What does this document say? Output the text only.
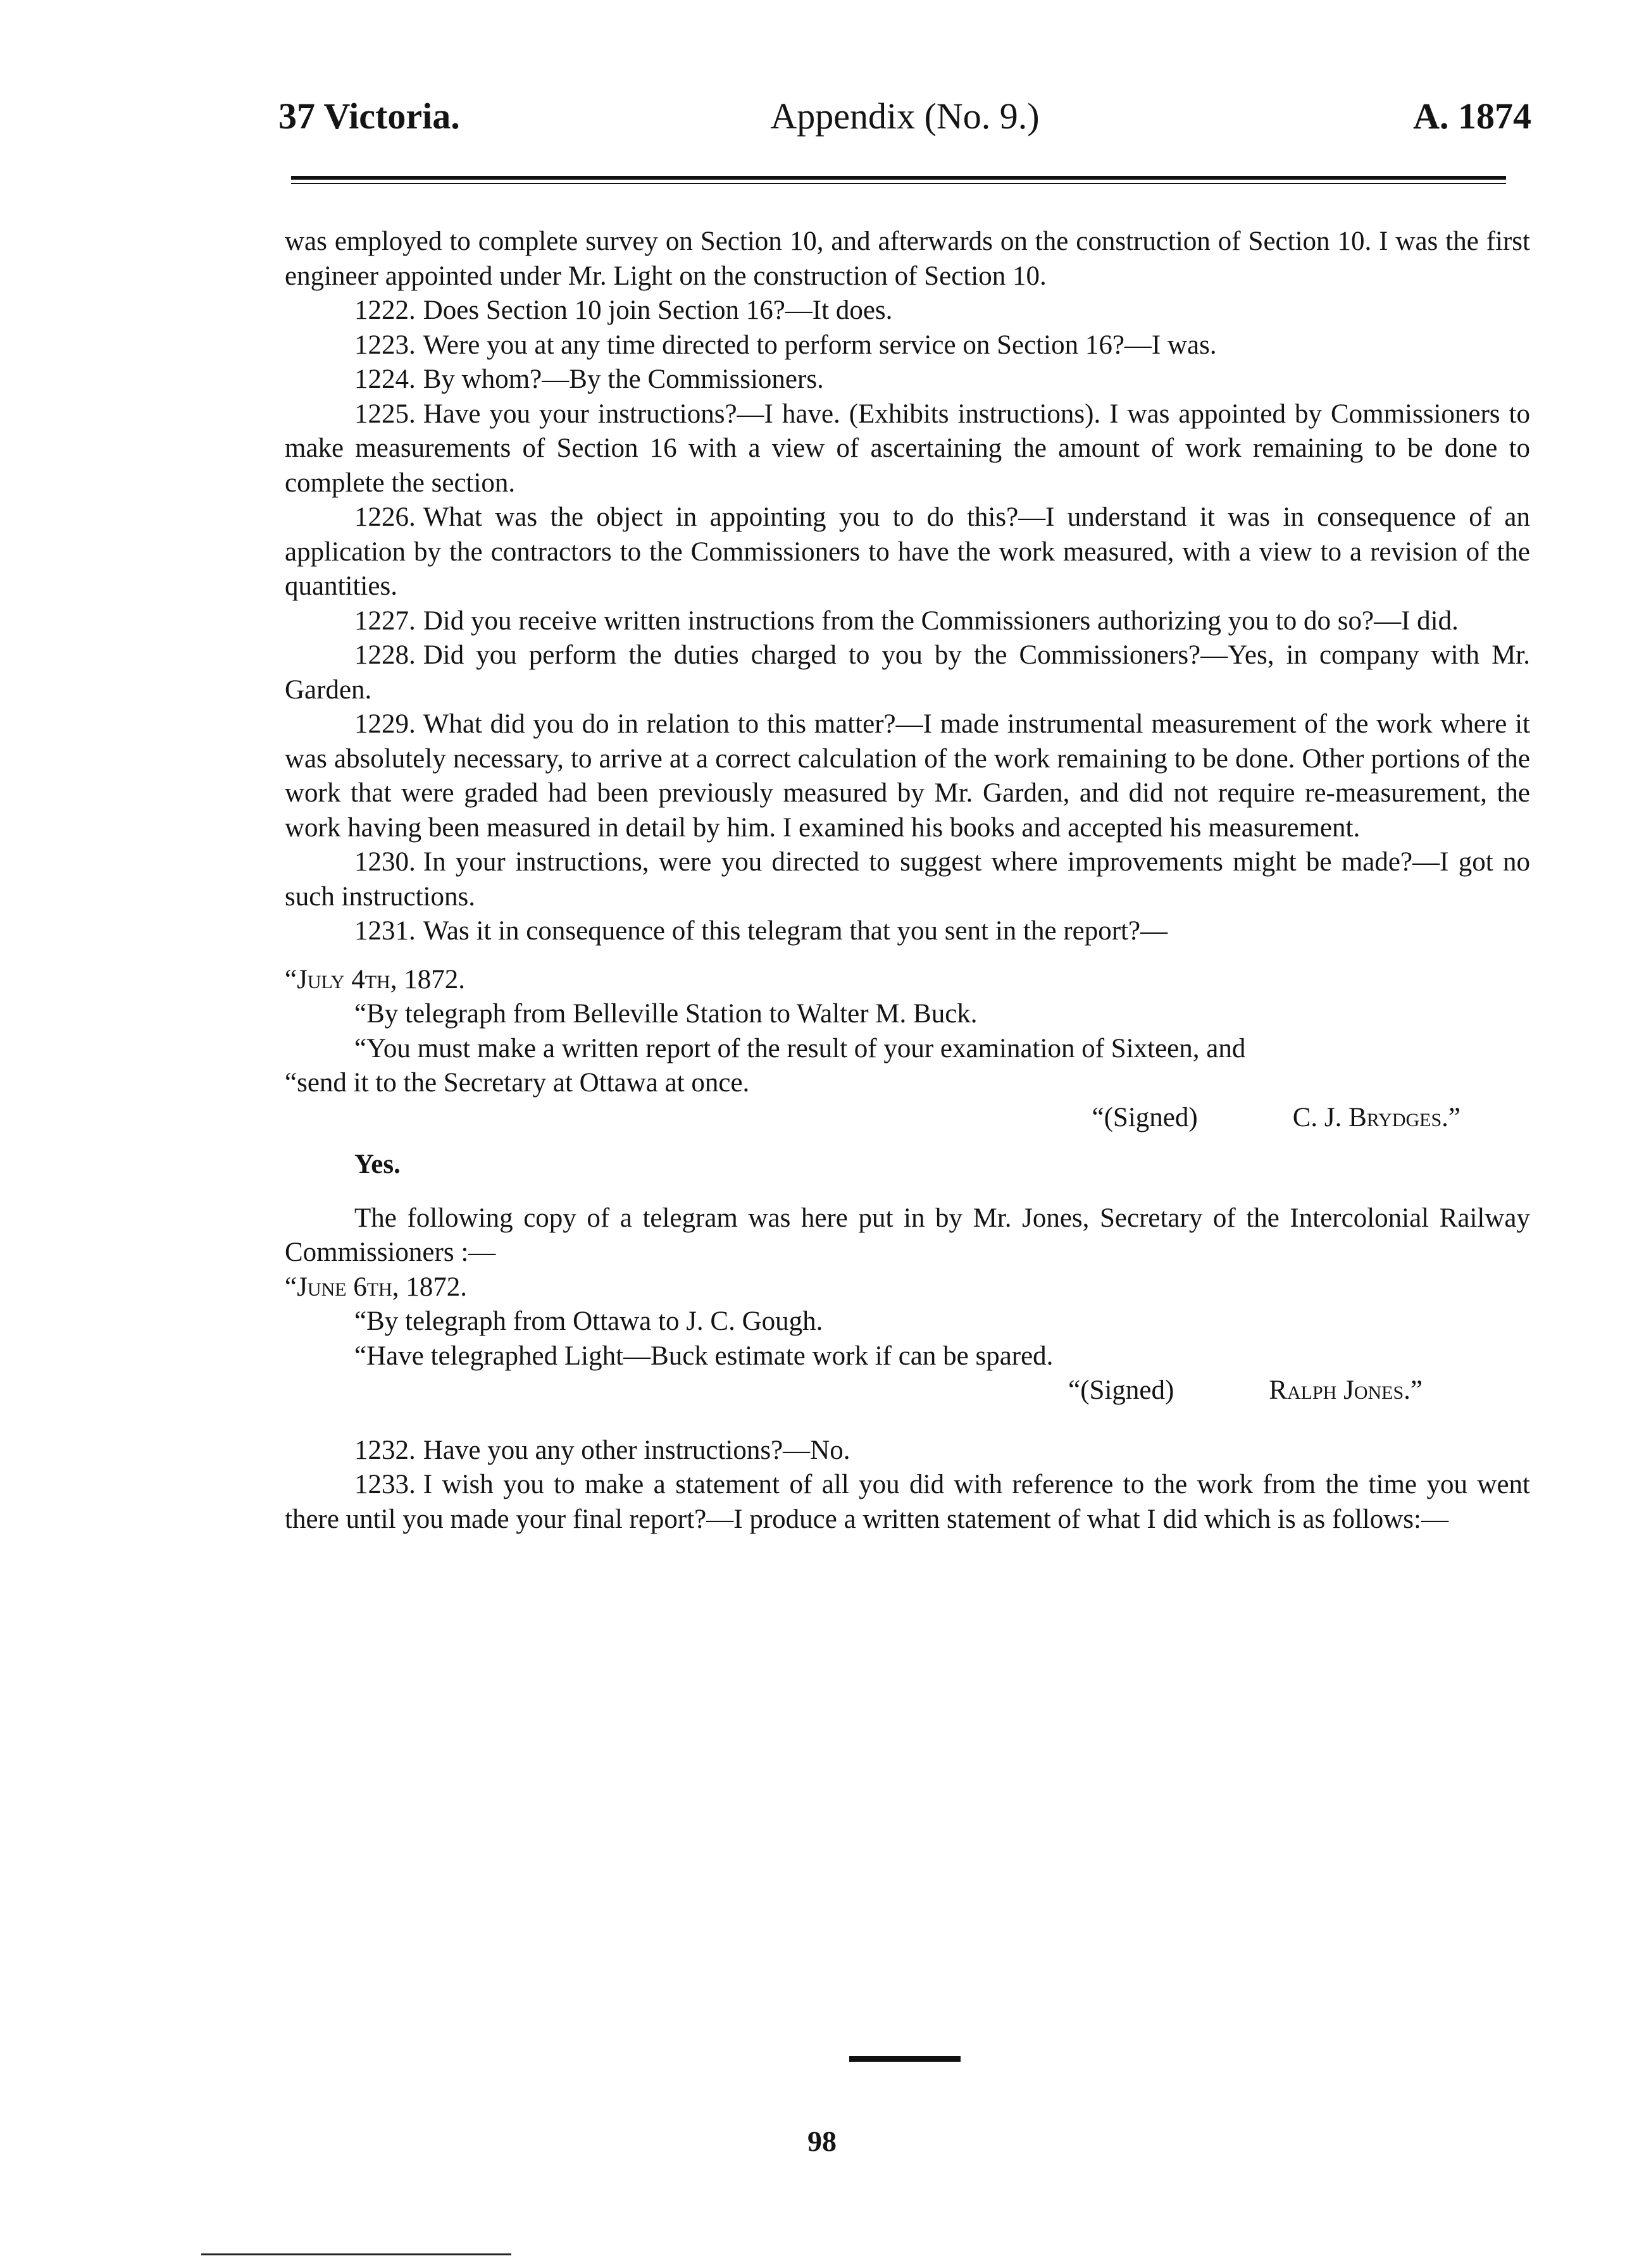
Appendix (No. 9.)
37 Victoria.	A. 1874

was employed to complete survey on Section 10, and afterwards on the construction of Section 10. I was the first engineer appointed under Mr. Light on the construction of Section 10.

1222. Does Section 10 join Section 16?—It does.

1223. Were you at any time directed to perform service on Section 16?—I was.

1224. By whom?—By the Commissioners.

1225. Have you your instructions?—I have. (Exhibits instructions). I was appointed by Commissioners to make measurements of Section 16 with a view of ascertaining the amount of work remaining to be done to complete the section.

1226. What was the object in appointing you to do this?—I understand it was in consequence of an application by the contractors to the Commissioners to have the work measured, with a view to a revision of the quantities.

1227. Did you receive written instructions from the Commissioners authorizing you to do so?—I did.

1228. Did you perform the duties charged to you by the Commissioners?—Yes, in company with Mr. Garden.

1229. What did you do in relation to this matter?—I made instrumental measurement of the work where it was absolutely necessary, to arrive at a correct calculation of the work remaining to be done. Other portions of the work that were graded had been previously measured by Mr. Garden, and did not require re-measurement, the work having been measured in detail by him. I examined his books and accepted his measurement.

1230. In your instructions, were you directed to suggest where improvements might be made?—I got no such instructions.

1231. Was it in consequence of this telegram that you sent in the report?—

“July 4th, 1872.

“By telegraph from Belleville Station to Walter M. Buck.

“You must make a written report of the result of your examination of Sixteen, and

“send it to the Secretary at Ottawa at once.

“(Signed)	C. J. Brydges.”

Yes.

The following copy of a telegram was here put in by Mr. Jones, Secretary of the Intercolonial Railway Commissioners :—

“June 6th, 1872.

“By telegraph from Ottawa to J. C. Gough.

“Have telegraphed Light—Buck estimate work if can be spared.

“(Signed)	Ralph Jones.”

1232. Have you any other instructions?—No.

1233. I wish you to make a statement of all you did with reference to the work from the time you went there until you made your final report?—I produce a written statement of what I did which is as follows:—

98
